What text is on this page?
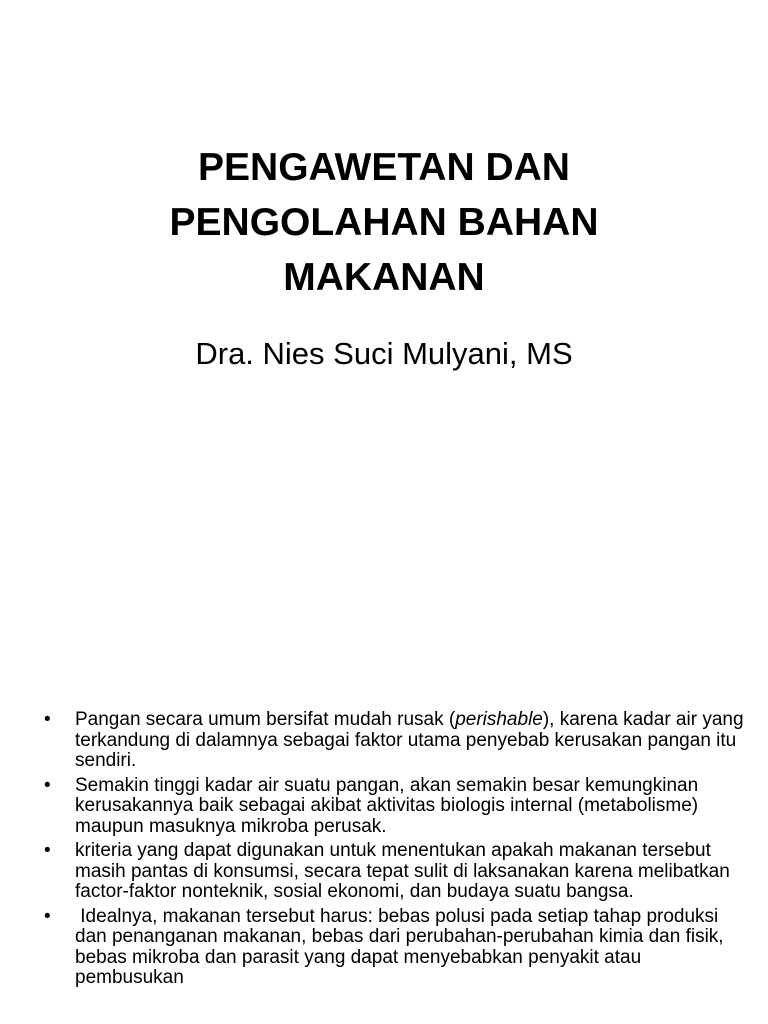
PENGAWETAN DAN
PENGOLAHAN BAHAN
MAKANAN

Dra. Nies Suci Mulyani, MS

• Pangan secara umum bersifat mudah rusak (perishable), karena kadar air yang terkandung di dalamnya sebagai faktor utama penyebab kerusakan pangan itu sendiri.
• Semakin tinggi kadar air suatu pangan, akan semakin besar kemungkinan kerusakannya baik sebagai akibat aktivitas biologis internal (metabolisme) maupun masuknya mikroba perusak.
• kriteria yang dapat digunakan untuk menentukan apakah makanan tersebut masih pantas di konsumsi, secara tepat sulit di laksanakan karena melibatkan factor-faktor nonteknik, sosial ekonomi, dan budaya suatu bangsa.
• Idealnya, makanan tersebut harus: bebas polusi pada setiap tahap produksi dan penanganan makanan, bebas dari perubahan-perubahan kimia dan fisik, bebas mikroba dan parasit yang dapat menyebabkan penyakit atau pembusukan
